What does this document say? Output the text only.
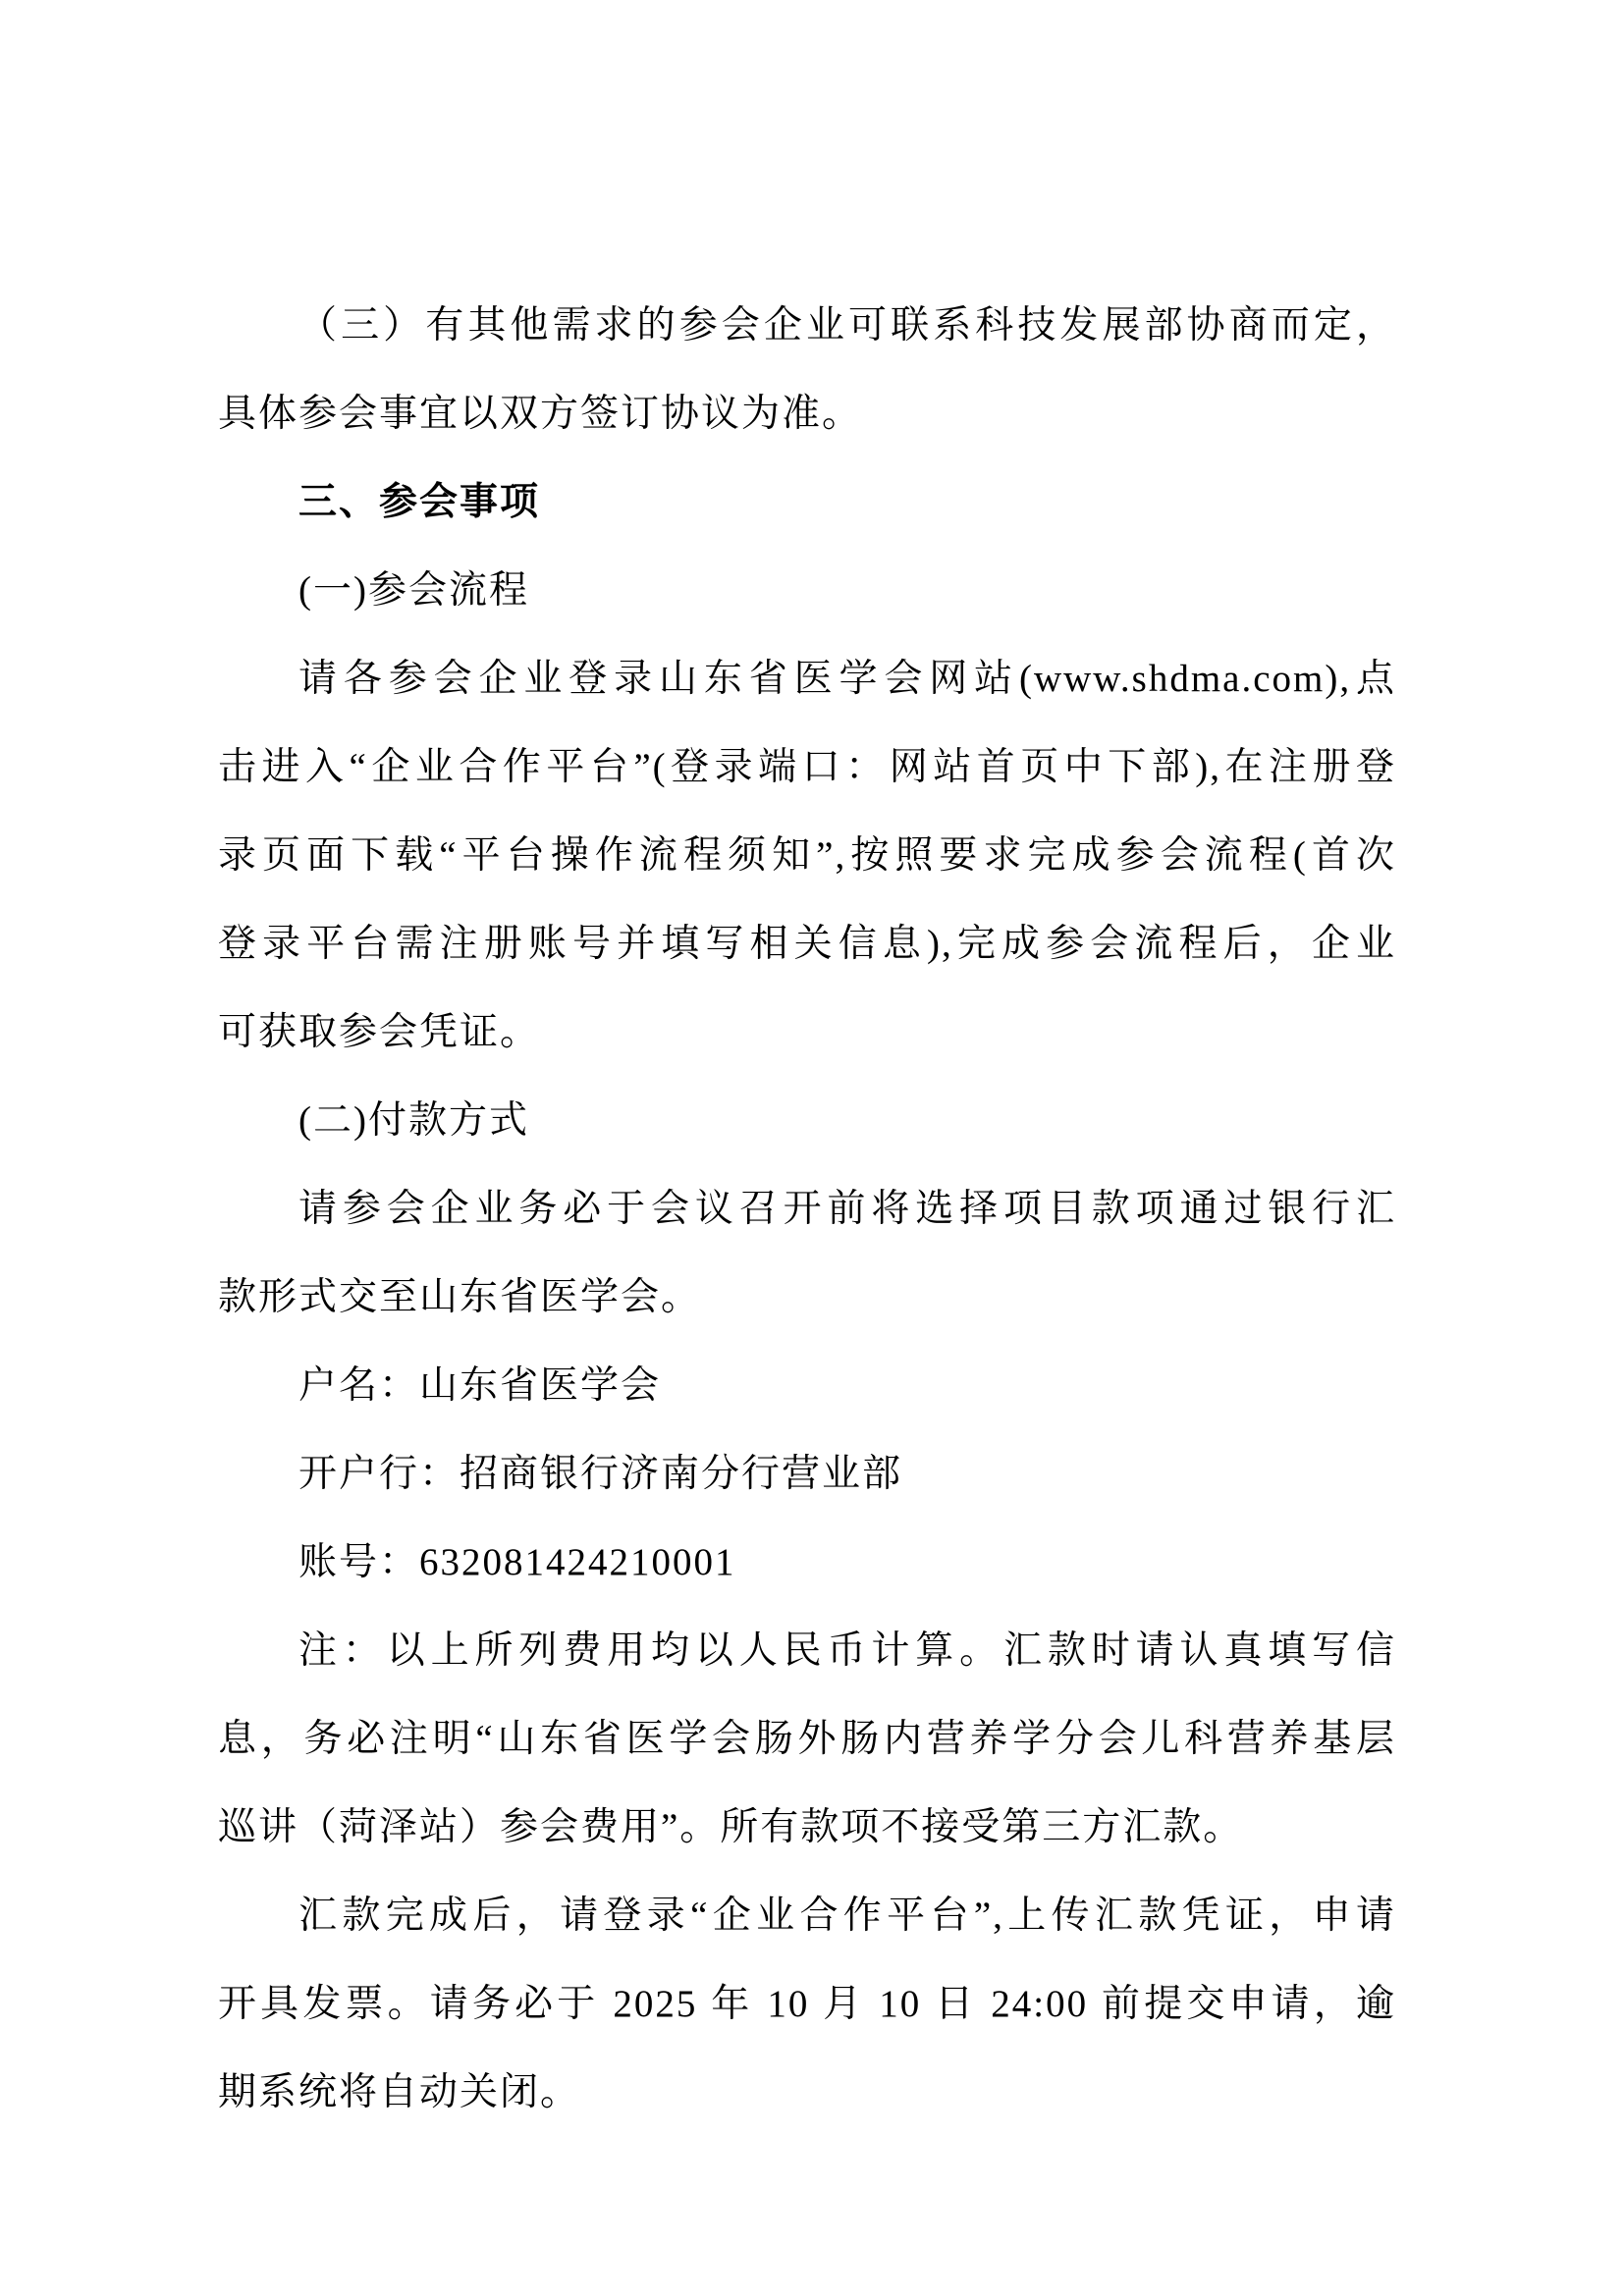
（三）有其他需求的参会企业可联系科技发展部协商而定，
具体参会事宜以双方签订协议为准。
三、参会事项
(一)参会流程
请各参会企业登录山东省医学会网站(www.shdma.com),点
击进入“企业合作平台”(登录端口：网站首页中下部),在注册登
录页面下载“平台操作流程须知”,按照要求完成参会流程(首次
登录平台需注册账号并填写相关信息),完成参会流程后，企业
可获取参会凭证。
(二)付款方式
请参会企业务必于会议召开前将选择项目款项通过银行汇
款形式交至山东省医学会。
户名：山东省医学会
开户行：招商银行济南分行营业部
账号：632081424210001
注：以上所列费用均以人民币计算。汇款时请认真填写信
息，务必注明“山东省医学会肠外肠内营养学分会儿科营养基层
巡讲（菏泽站）参会费用”。所有款项不接受第三方汇款。
汇款完成后，请登录“企业合作平台”,上传汇款凭证，申请
开具发票。请务必于 2025 年 10 月 10 日 24:00 前提交申请，逾
期系统将自动关闭。
